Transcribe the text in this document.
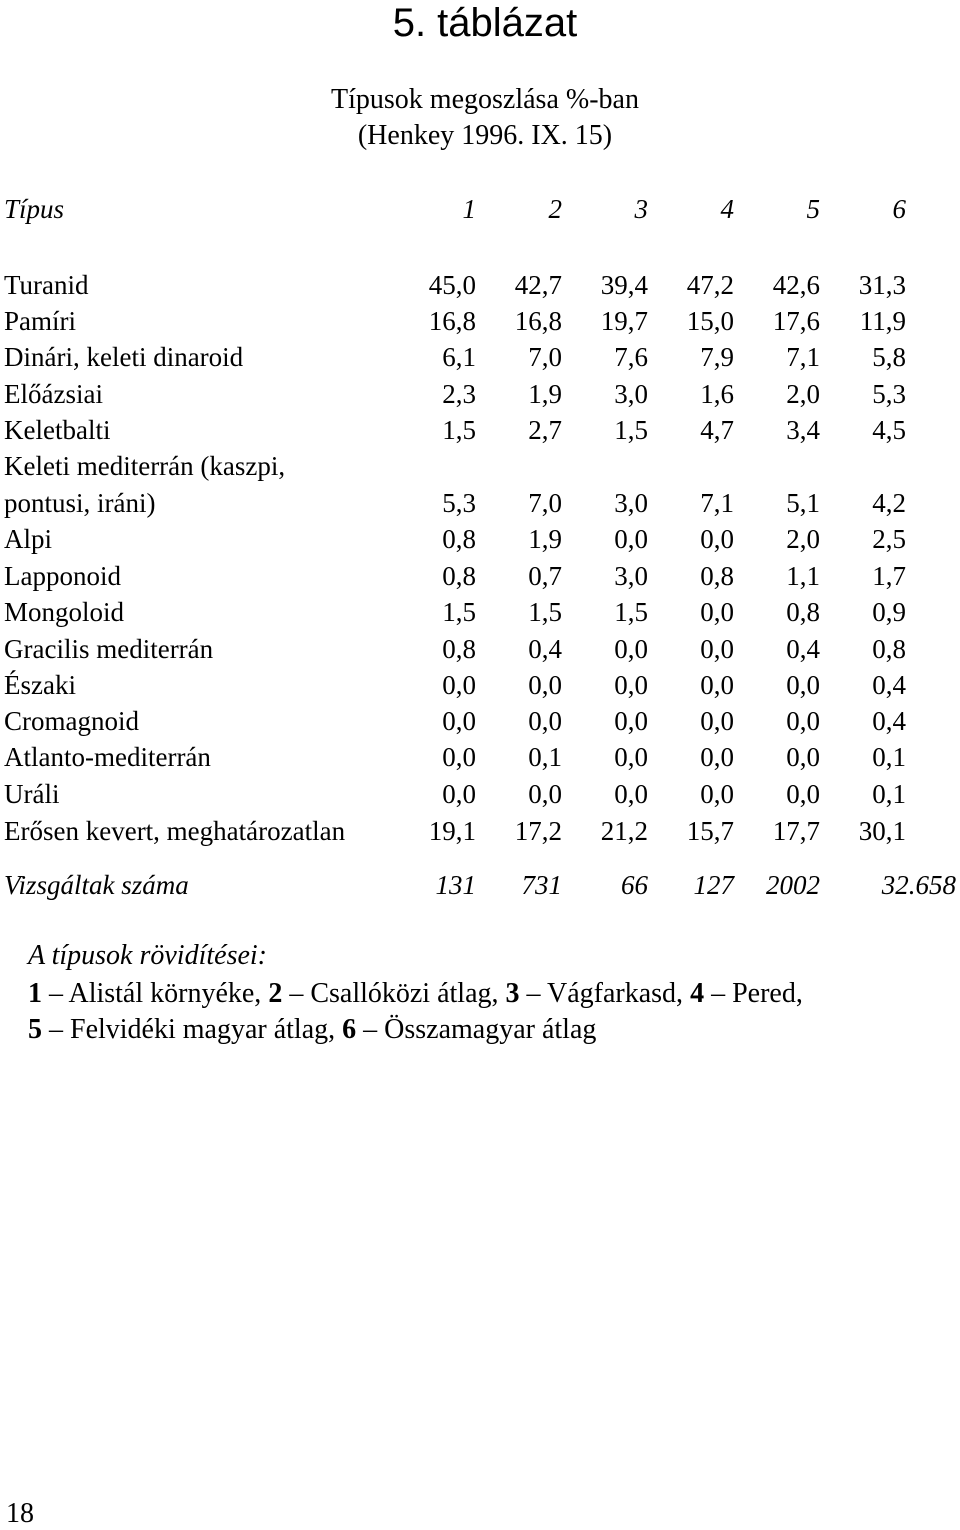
5. táblázat
Típusok megoszlása %-ban
(Henkey 1996. IX. 15)
Típus	1	2	3	4	5	6
Turanid	45,0	42,7	39,4	47,2	42,6	31,3
Pamíri	16,8	16,8	19,7	15,0	17,6	11,9
Dinári, keleti dinaroid	6,1	7,0	7,6	7,9	7,1	5,8
Előázsiai	2,3	1,9	3,0	1,6	2,0	5,3
Keletbalti	1,5	2,7	1,5	4,7	3,4	4,5
Keleti mediterrán (kaszpi,
pontusi, iráni)	5,3	7,0	3,0	7,1	5,1	4,2
Alpi	0,8	1,9	0,0	0,0	2,0	2,5
Lapponoid	0,8	0,7	3,0	0,8	1,1	1,7
Mongoloid	1,5	1,5	1,5	0,0	0,8	0,9
Gracilis mediterrán	0,8	0,4	0,0	0,0	0,4	0,8
Északi	0,0	0,0	0,0	0,0	0,0	0,4
Cromagnoid	0,0	0,0	0,0	0,0	0,0	0,4
Atlanto-mediterrán	0,0	0,1	0,0	0,0	0,0	0,1
Uráli	0,0	0,0	0,0	0,0	0,0	0,1
Erősen kevert, meghatározatlan	19,1	17,2	21,2	15,7	17,7	30,1
Vizsgáltak száma	131	731	66	127	2002	32.658
A típusok rövidítései:
1 – Alistál környéke, 2 – Csallóközi átlag, 3 – Vágfarkasd, 4 – Pered,
5 – Felvidéki magyar átlag, 6 – Összamagyar átlag
18
